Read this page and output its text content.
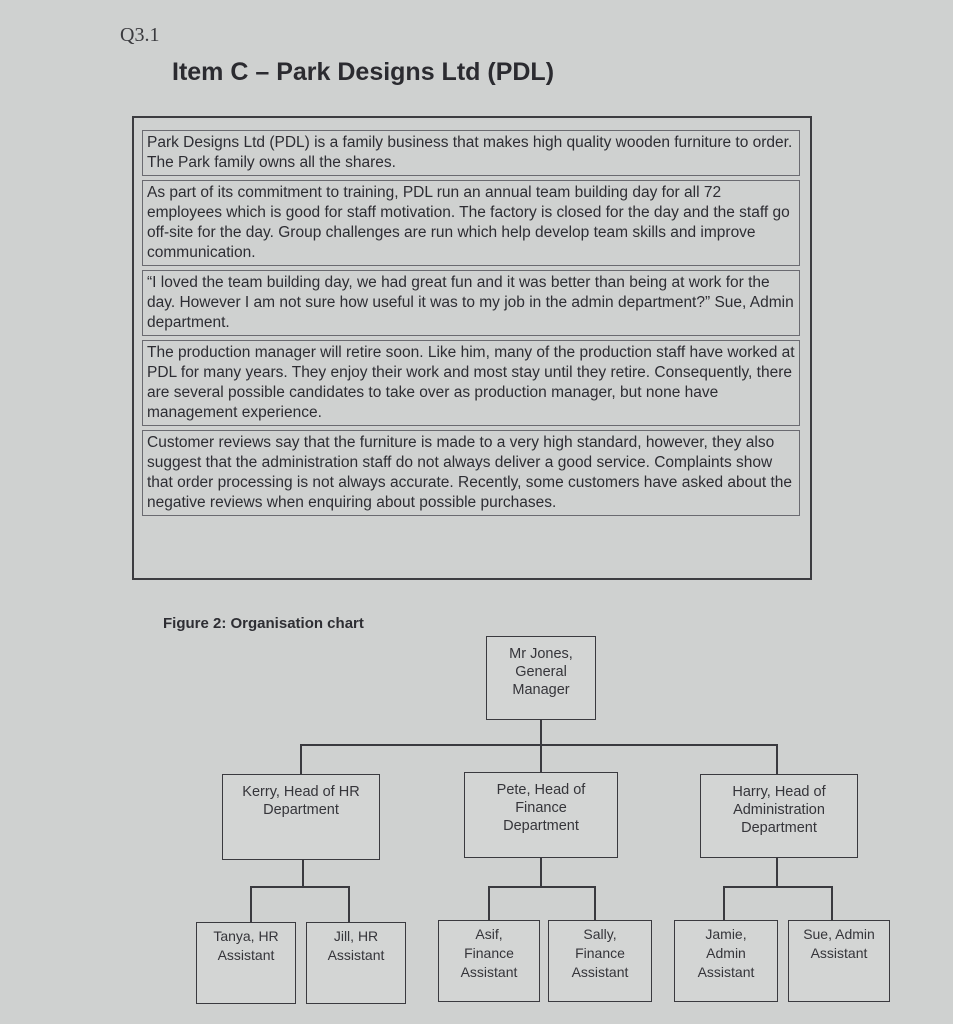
Q3.1
Item C – Park Designs Ltd (PDL)
Park Designs Ltd (PDL) is a family business that makes high quality wooden furniture to order. The Park family owns all the shares.
As part of its commitment to training, PDL run an annual team building day for all 72 employees which is good for staff motivation. The factory is closed for the day and the staff go off-site for the day. Group challenges are run which help develop team skills and improve communication.
“I loved the team building day, we had great fun and it was better than being at work for the day. However I am not sure how useful it was to my job in the admin department?” Sue, Admin department.
The production manager will retire soon. Like him, many of the production staff have worked at PDL for many years. They enjoy their work and most stay until they retire. Consequently, there are several possible candidates to take over as production manager, but none have management experience.
Customer reviews say that the furniture is made to a very high standard, however, they also suggest that the administration staff do not always deliver a good service. Complaints show that order processing is not always accurate. Recently, some customers have asked about the negative reviews when enquiring about possible purchases.
Figure 2: Organisation chart
Mr Jones, General Manager
Kerry, Head of HR Department
Pete, Head of Finance Department
Harry, Head of Administration Department
Tanya, HR Assistant
Jill, HR Assistant
Asif, Finance Assistant
Sally, Finance Assistant
Jamie, Admin Assistant
Sue, Admin Assistant
